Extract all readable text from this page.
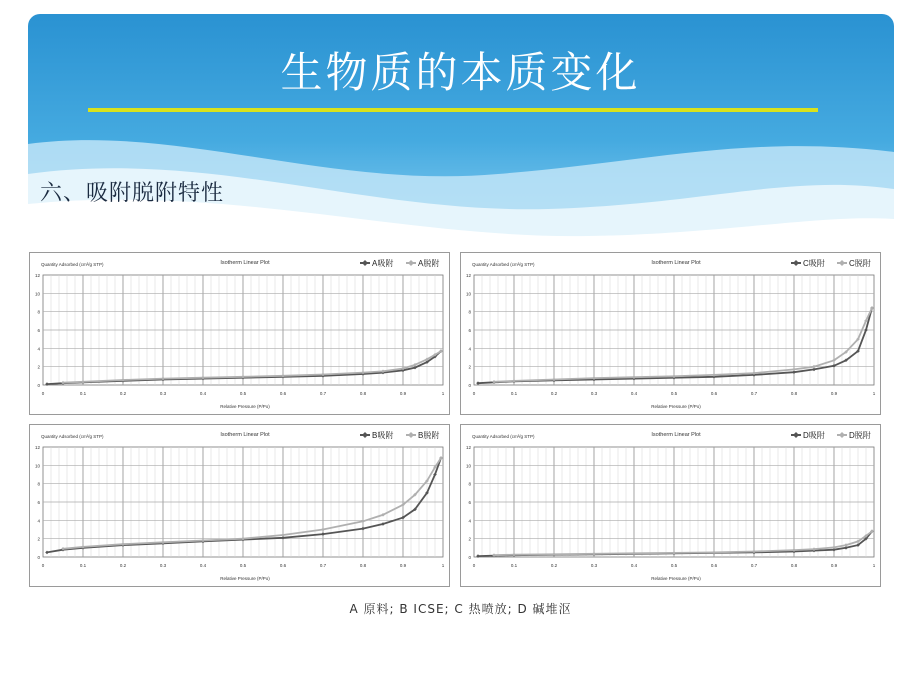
生物质的本质变化
六、吸附脱附特性
0	0.1	0.2	0.3	0.4	0.5	0.6	0.7	0.8	0.9	1
0
2
4
6
8
10
12
Quantity Adsorbed (cm³/g STP)	Isotherm Linear Plot
Relative Pressure (P/Po)
A吸附	A脱附
0	0.1	0.2	0.3	0.4	0.5	0.6	0.7	0.8	0.9	1
0
2
4
6
8
10
12
Quantity Adsorbed (cm³/g STP)	Isotherm Linear Plot
Relative Pressure (P/Po)
C吸附	C脱附
0	0.1	0.2	0.3	0.4	0.5	0.6	0.7	0.8	0.9	1
0
2
4
6
8
10
12
Quantity Adsorbed (cm³/g STP)	Isotherm Linear Plot
Relative Pressure (P/Po)
B吸附	B脱附
0	0.1	0.2	0.3	0.4	0.5	0.6	0.7	0.8	0.9	1
0
2
4
6
8
10
12
Quantity Adsorbed (cm³/g STP)	Isotherm Linear Plot
Relative Pressure (P/Po)
D吸附	D脱附
A 原料; B ICSE; C 热喷放; D 碱堆沤
